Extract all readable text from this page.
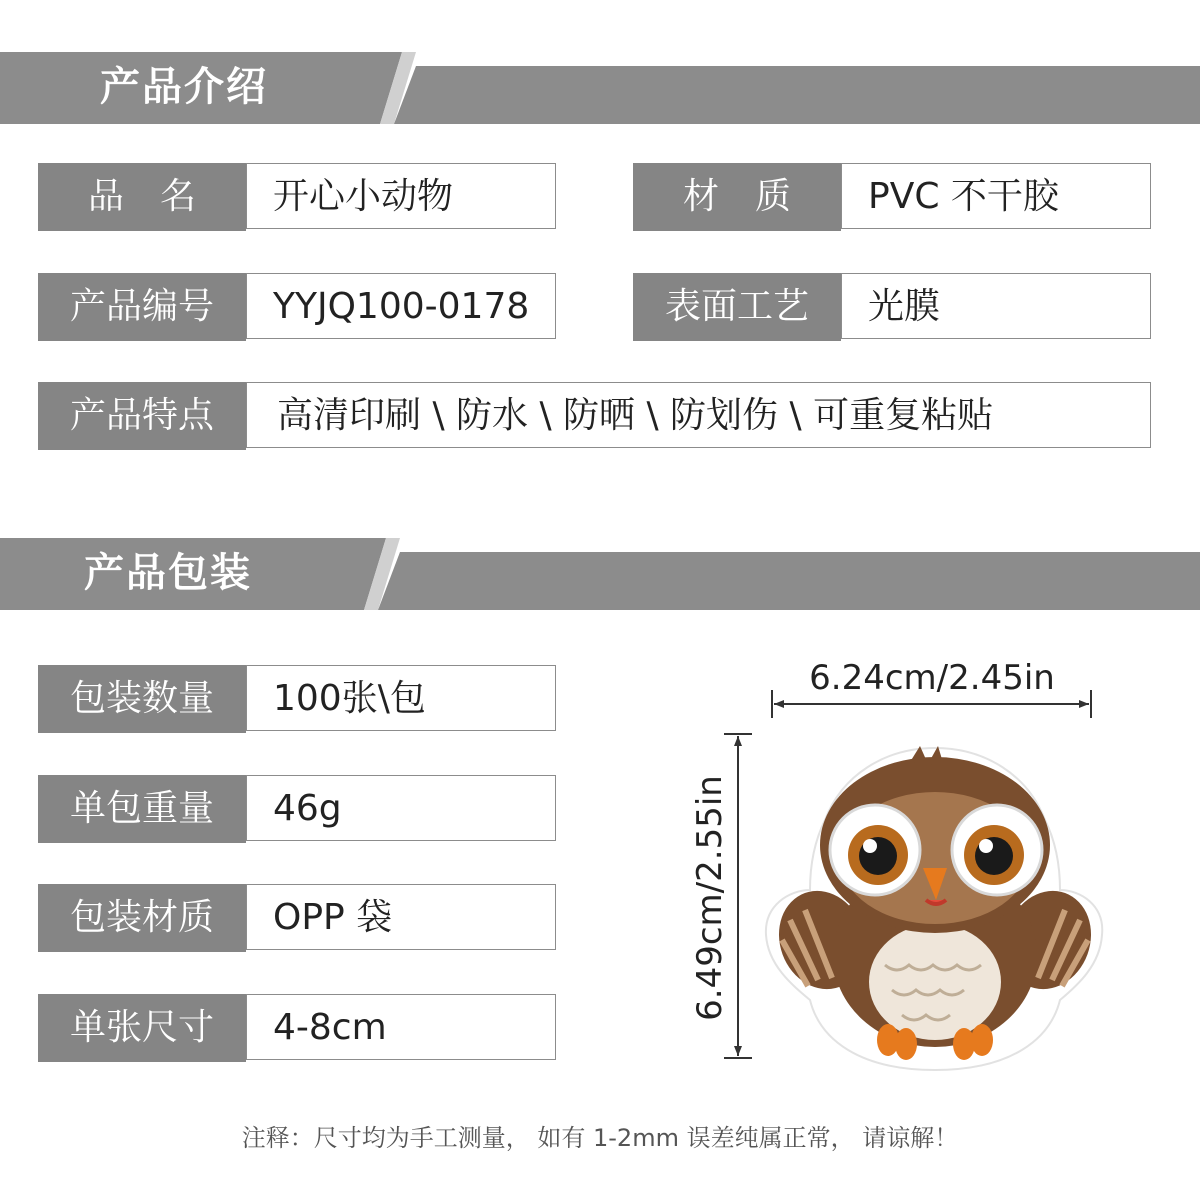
产品介绍
品　名	开心小动物	材　质	PVC 不干胶
产品编号	YYJQ100-0178	表面工艺	光膜
产品特点	高清印刷 \ 防水 \ 防晒 \ 防划伤 \ 可重复粘贴
产品包装
包装数量	100张\包
单包重量	46g
包装材质	OPP 袋
单张尺寸	4-8cm
6.24cm/2.45in
6.49cm/2.55in
注释：尺寸均为手工测量， 如有 1-2mm 误差纯属正常， 请谅解！
